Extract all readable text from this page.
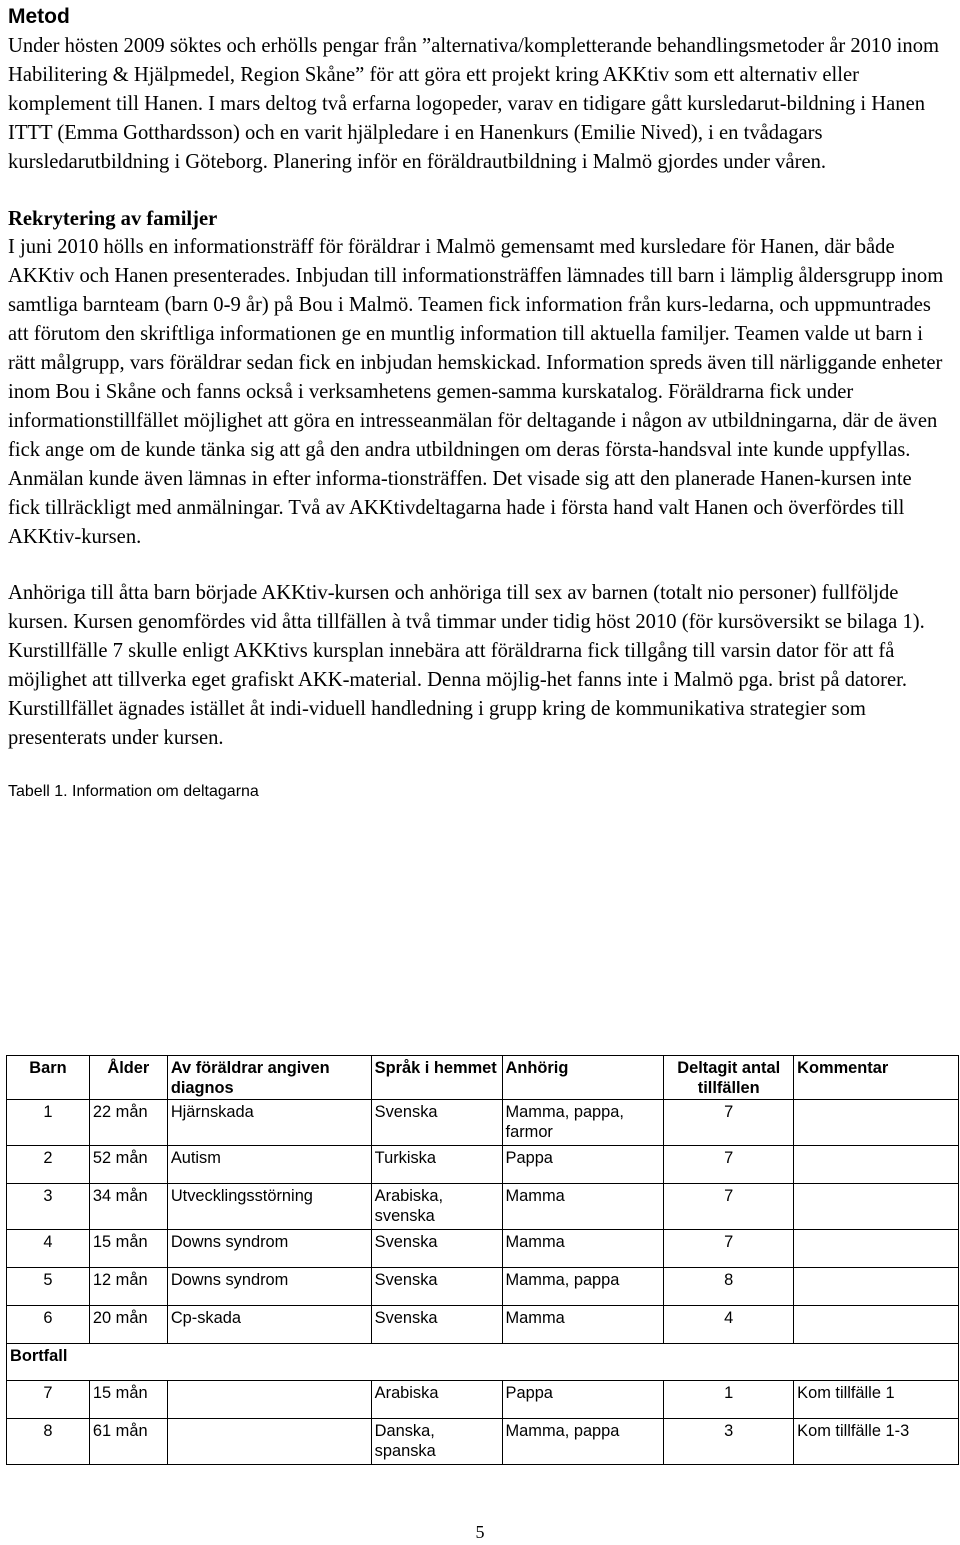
Metod

Under hösten 2009 söktes och erhölls pengar från ”alternativa/kompletterande behandlingsmetoder år 2010 inom Habilitering & Hjälpmedel, Region Skåne” för att göra ett projekt kring AKKtiv som ett alternativ eller komplement till Hanen. I mars deltog två erfarna logopeder, varav en tidigare gått kursledarut-bildning i Hanen ITTT (Emma Gotthardsson) och en varit hjälpledare i en Hanenkurs (Emilie Nived), i en tvådagars kursledarutbildning i Göteborg. Planering inför en föräldrautbildning i Malmö gjordes under våren.

Rekrytering av familjer

I juni 2010 hölls en informationsträff för föräldrar i Malmö gemensamt med kursledare för Hanen, där både AKKtiv och Hanen presenterades. Inbjudan till informationsträffen lämnades till barn i lämplig åldersgrupp inom samtliga barnteam (barn 0-9 år) på Bou i Malmö. Teamen fick information från kurs-ledarna, och uppmuntrades att förutom den skriftliga informationen ge en muntlig information till aktuella familjer. Teamen valde ut barn i rätt målgrupp, vars föräldrar sedan fick en inbjudan hemskickad. Information spreds även till närliggande enheter inom Bou i Skåne och fanns också i verksamhetens gemen-samma kurskatalog. Föräldrarna fick under informationstillfället möjlighet att göra en intresseanmälan för deltagande i någon av utbildningarna, där de även fick ange om de kunde tänka sig att gå den andra utbildningen om deras första-handsval inte kunde uppfyllas. Anmälan kunde även lämnas in efter informa-tionsträffen. Det visade sig att den planerade Hanen-kursen inte fick tillräckligt med anmälningar. Två av AKKtivdeltagarna hade i första hand valt Hanen och överfördes till AKKtiv-kursen.

Anhöriga till åtta barn började AKKtiv-kursen och anhöriga till sex av barnen (totalt nio personer) fullföljde kursen. Kursen genomfördes vid åtta tillfällen à två timmar under tidig höst 2010 (för kursöversikt se bilaga 1). Kurstillfälle 7 skulle enligt AKKtivs kursplan innebära att föräldrarna fick tillgång till varsin dator för att få möjlighet att tillverka eget grafiskt AKK-material. Denna möjlig-het fanns inte i Malmö pga. brist på datorer. Kurstillfället ägnades istället åt indi-viduell handledning i grupp kring de kommunikativa strategier som presenterats under kursen.

Tabell 1. Information om deltagarna

Barn	Ålder	Av föräldrar angiven diagnos	Språk i hemmet	Anhörig	Deltagit antal tillfällen	Kommentar
1	22 mån	Hjärnskada	Svenska	Mamma, pappa, farmor	7	
2	52 mån	Autism	Turkiska	Pappa	7	
3	34 mån	Utvecklingsstörning	Arabiska, svenska	Mamma	7	
4	15 mån	Downs syndrom	Svenska	Mamma	7	
5	12 mån	Downs syndrom	Svenska	Mamma, pappa	8	
6	20 mån	Cp-skada	Svenska	Mamma	4	
Bortfall						
7	15 mån		Arabiska	Pappa	1	Kom tillfälle 1
8	61 mån		Danska, spanska	Mamma, pappa	3	Kom tillfälle 1-3
5
